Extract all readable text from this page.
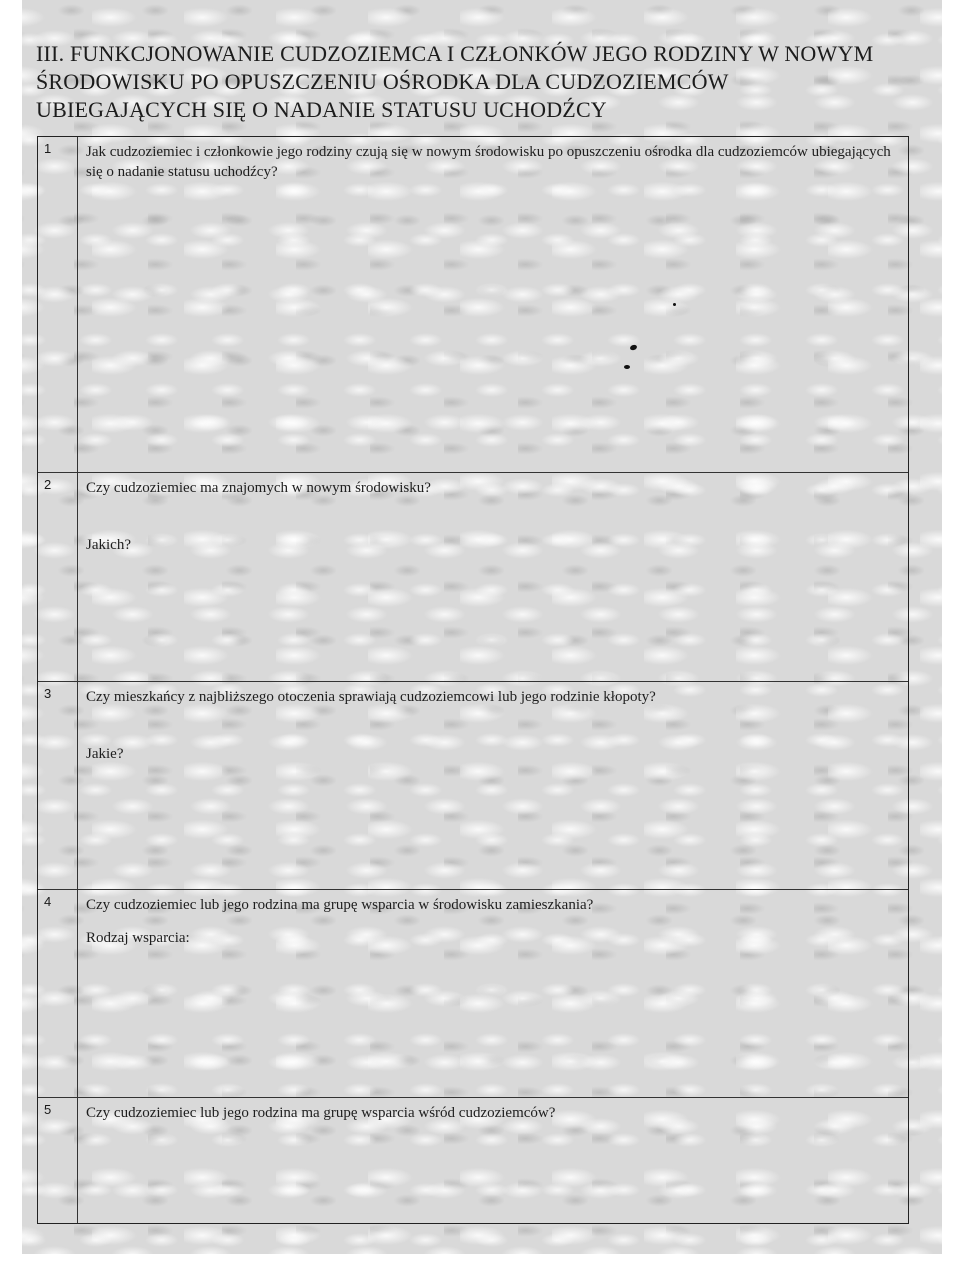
III. FUNKCJONOWANIE CUDZOZIEMCA I CZŁONKÓW JEGO RODZINY W NOWYM
ŚRODOWISKU PO OPUSZCZENIU OŚRODKA DLA CUDZOZIEMCÓW
UBIEGAJĄCYCH SIĘ O NADANIE STATUSU UCHODŹCY
1	Jak cudzoziemiec i członkowie jego rodziny czują się w nowym środowisku po opuszczeniu ośrodka dla cudzoziemców ubiegających się o nadanie statusu uchodźcy?
2	Czy cudzoziemiec ma znajomych w nowym środowisku?
Jakich?
3	Czy mieszkańcy z najbliższego otoczenia sprawiają cudzoziemcowi lub jego rodzinie kłopoty?
Jakie?
4	Czy cudzoziemiec lub jego rodzina ma grupę wsparcia w środowisku zamieszkania?
Rodzaj wsparcia:
5	Czy cudzoziemiec lub jego rodzina ma grupę wsparcia wśród cudzoziemców?
